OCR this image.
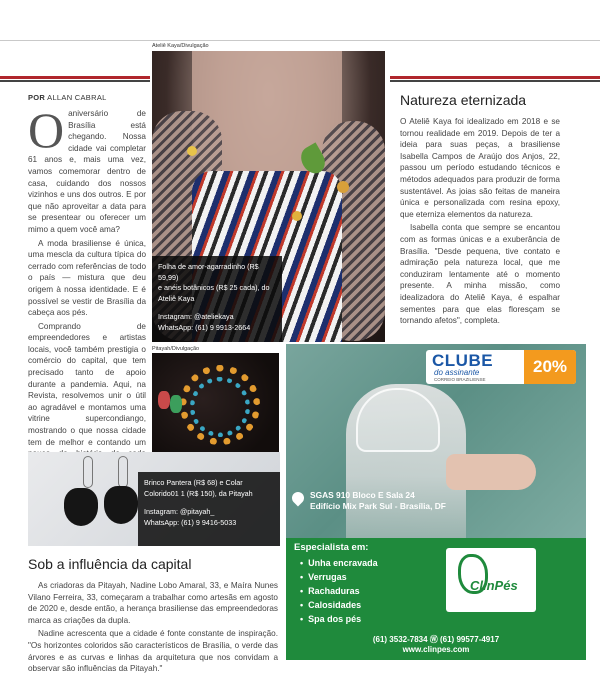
POR ALLAN CABRAL
O aniversário de Brasília está chegando. Nossa cidade vai completar 61 anos e, mais uma vez, vamos comemorar dentro de casa, cuidando dos nossos vizinhos e uns dos outros. E por que não aproveitar a data para se presentear ou oferecer um mimo a quem você ama?

A moda brasiliense é única, uma mescla da cultura típica do cerrado com referências de todo o país — mistura que deu origem à nossa identidade. E é possível se vestir de Brasília da cabeça aos pés.

Comprando de empreendedores e artistas locais, você também prestigia o comércio do capital, que tem precisado tanto de apoio durante a pandemia. Aqui, na Revista, resolvemos unir o útil ao agradável e montamos uma vitrine supercondiango, mostrando o que nossa cidade tem de melhor e contando um

Ateliê Kaya/Divulgação
Folha de amor-agarradinho (R$ 59,99)
e anéis botânicos (R$ 25 cada), do Ateliê Kaya
Instagram: @ateliekaya
WhatsApp: (61) 9 9913-2664
Natureza eternizada

O Ateliê Kaya foi idealizado em 2018 e se tornou realidade em 2019. Depois de ter a ideia para suas peças, a brasiliense Isabella Campos de Araújo dos Anjos, 22, passou um período estudando técnicos e métodos adequados para produzir de forma sustentável. As joias são feitas de maneira única e personalizada com resina epoxy, que eterniza elementos da natureza.

Isabella conta que sempre se encantou com as formas únicas e a exuberância de Brasília. "Desde pequena, tive contato e admiração pela natureza local, que me conduziram lentamente até o momento presente. A minha missão, como idealizadora do Ateliê Kaya, é espalhar sementes para que elas floresçam se tornando afetos", completa.

Pitayah/Divulgação
Brinco Pantera (R$ 68) e Colar
Colorido01 1 (R$ 150), da Pitayah
Instagram: @pitayah_
WhatsApp: (61) 9 9416-5033
Sob a influência da capital

As criadoras da Pitayah, Nadine Lobo Amaral, 33, e Maíra Nunes Vilano Ferreira, 33, começaram a trabalhar como artesãs em agosto de 2020 e, desde então, a herança brasiliense das empreendedoras marca as criações da dupla.

Nadine acrescenta que a cidade é fonte constante de inspiração. "Os horizontes coloridos são característicos de Brasília, o verde das árvores e as curvas e linhas da arquitetura que nos convidam a observar são influências da Pitayah."

CLUBE
do assinante
CORREIO BRAZILIENSE
20%
SGAS 910 Bloco E Sala 24
Edifício Mix Park Sul - Brasília, DF
Especialista em:
• Unha encravada
• Verrugas
• Rachaduras
• Calosidades
• Spa dos pés
ClinPés
(61) 3532-7834 Ⓦ (61) 99577-4917
www.clinpes.com
